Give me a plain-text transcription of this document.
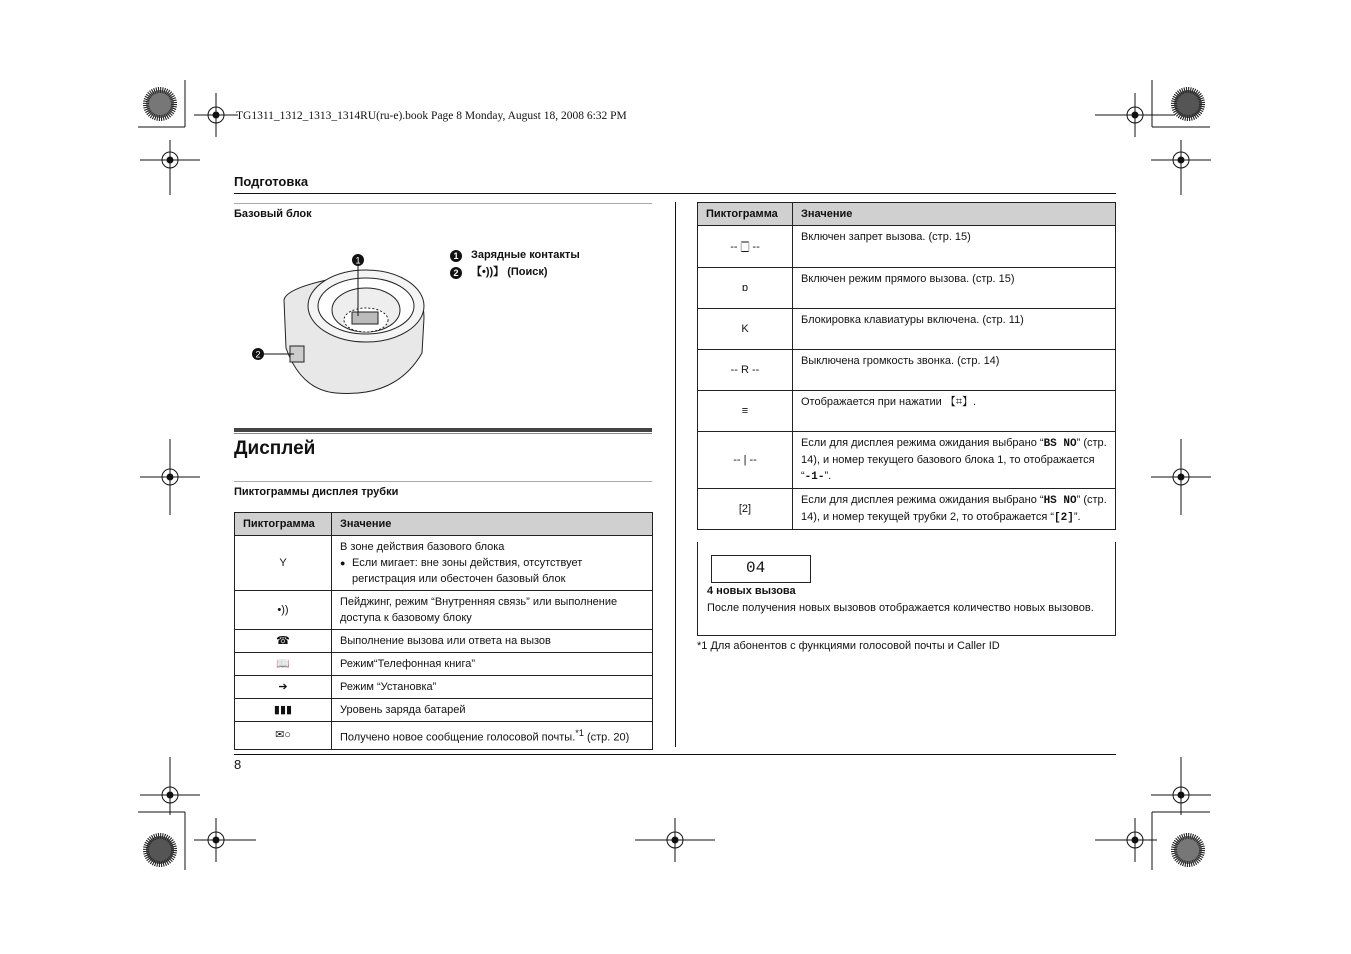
TG1311_1312_1313_1314RU(ru-e).book Page 8 Monday, August 18, 2008 6:32 PM
Подготовка
Базовый блок
1
2
1 Зарядные контакты
2 【•))】 (Поиск)
Дисплей
Пиктограммы дисплея трубки
Пиктограмма	Значение
Y	В зоне действия базового блока
● Если мигает: вне зоны действия, отсутствует регистрация или обесточен базовый блок

•))	Пейджинг, режим “Внутренняя связь” или выполнение доступа к базовому блоку
☎	Выполнение вызова или ответа на вызов
📖	Режим“Телефонная книга”
➔	Режим “Установка”
▮▮▮	Уровень заряда батарей
✉○	Получено новое сообщение голосовой почты.$^{*1}$ (стр. 20)
Пиктограмма	Значение
-- 🀆 --	Включен запрет вызова. (стр. 15)
ɒ	Включен режим прямого вызова. (стр. 15)
K	Блокировка клавиатуры включена. (стр. 11)
-- R --	Выключена громкость звонка. (стр. 14)
≡	Отображается при нажатии 【⌗】.
-- | --	Если для дисплея режима ожидания выбрано “BS NO” (стр. 14), и номер текущего базового блока 1, то отображается “-1-”.
[2]	Если для дисплея режима ожидания выбрано “HS NO” (стр. 14), и номер текущей трубки 2, то отображается “[2]”.
04
4 новых вызова
После получения новых вызовов отображается количество новых вызовов.
*1 Для абонентов с функциями голосовой почты и Caller ID
8
